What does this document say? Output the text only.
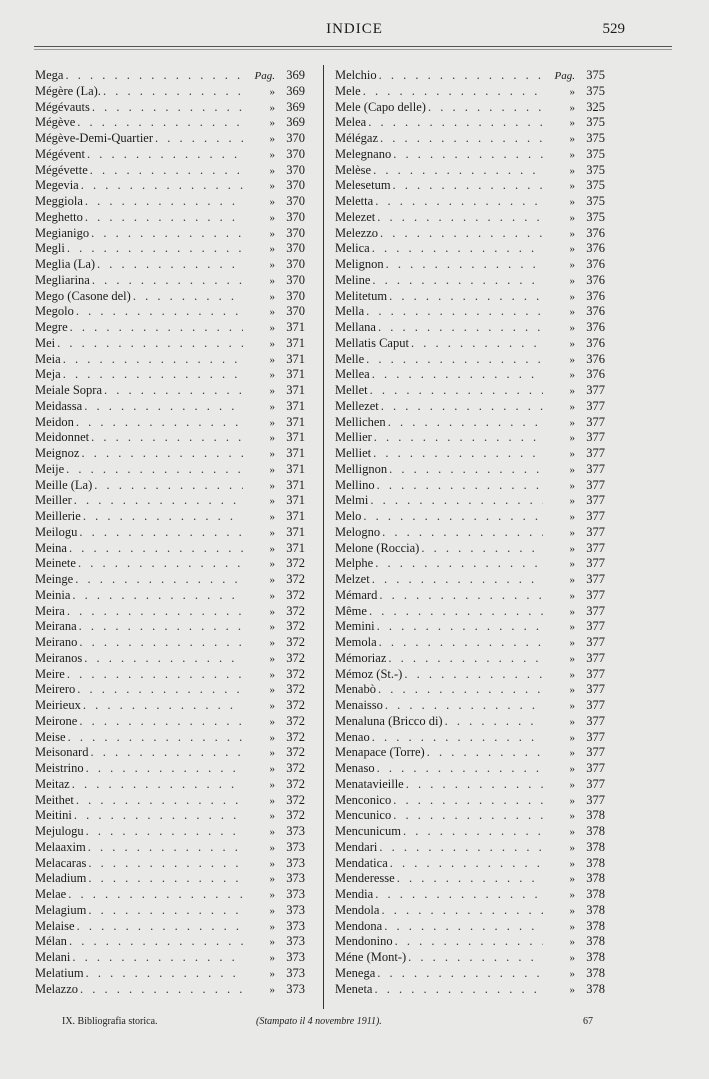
INDICE	529
Mega . . .	Pag. 369
Mégère (La). . . .	» 369
Mégévauts . . .	» 369
Mégève . . .	» 369
Mégève-Demi-Quartier . . .	» 370
Mégévent . . .	» 370
Mégévette . . .	» 370
Megevia . . .	» 370
Meggiola . . .	» 370
Meghetto . . .	» 370
Megianigo . . .	» 370
Megli . . .	» 370
Meglia (La) . . .	» 370
Megliarina . . .	» 370
Mego (Casone del) . . .	» 370
Megolo . . .	» 370
Megre . . .	» 371
Mei . . .	» 371
Meia . . .	» 371
Meja . . .	» 371
Meiale Sopra . . .	» 371
Meidassa . . .	» 371
Meidon . . .	» 371
Meidonnet . . .	» 371
Meignoz . . .	» 371
Meije . . .	» 371
Meille (La) . . .	» 371
Meiller . . .	» 371
Meillerie . . .	» 371
Meilogu . . .	» 371
Meina . . .	» 371
Meinete . . .	» 372
Meinge . . .	» 372
Meinia . . .	» 372
Meira . . .	» 372
Meirana . . .	» 372
Meirano . . .	» 372
Meiranos . . .	» 372
Meire . . .	» 372
Meirero . . .	» 372
Meirieux . . .	» 372
Meirone . . .	» 372
Meise . . .	» 372
Meisonard . . .	» 372
Meistrino . . .	» 372
Meitaz . . .	» 372
Meithet . . .	» 372
Meitini . . .	» 372
Mejulogu . . .	» 373
Melaaxim . . .	» 373
Melacaras . . .	» 373
Meladium . . .	» 373
Melae . . .	» 373
Melagium . . .	» 373
Melaise . . .	» 373
Mélan . . .	» 373
Melani . . .	» 373
Melatium . . .	» 373
Melazzo . . .	» 373
Melchio . . .	Pag. 375
Mele . . .	» 375
Mele (Capo delle) . . .	» 325
Melea . . .	» 375
Mélégaz . . .	» 375
Melegnano . . .	» 375
Melèse . . .	» 375
Melesetum . . .	» 375
Meletta . . .	» 375
Melezet . . .	» 375
Melezzo . . .	» 376
Melica . . .	» 376
Melignon . . .	» 376
Meline . . .	» 376
Melitetum . . .	» 376
Mella . . .	» 376
Mellana . . .	» 376
Mellatis Caput . . .	» 376
Melle . . .	» 376
Mellea . . .	» 376
Mellet . . .	» 377
Mellezet . . .	» 377
Mellichen . . .	» 377
Mellier . . .	» 377
Melliet . . .	» 377
Mellignon . . .	» 377
Mellino . . .	» 377
Melmi . . .	» 377
Melo . . .	» 377
Melogno . . .	» 377
Melone (Roccia) . . .	» 377
Melphe . . .	» 377
Melzet . . .	» 377
Mémard . . .	» 377
Même . . .	» 377
Memini . . .	» 377
Memola . . .	» 377
Mémoriaz . . .	» 377
Mémoz (St.-) . . .	» 377
Menabò . . .	» 377
Menaisso . . .	» 377
Menaluna (Bricco di) . . .	» 377
Menao . . .	» 377
Menapace (Torre) . . .	» 377
Menaso . . .	» 377
Menatavieille . . .	» 377
Menconico . . .	» 377
Mencunico . . .	» 378
Mencunicum . . .	» 378
Mendari . . .	» 378
Mendatica . . .	» 378
Menderesse . . .	» 378
Mendia . . .	» 378
Mendola . . .	» 378
Mendona . . .	» 378
Mendonino . . .	» 378
Méne (Mont-) . . .	» 378
Menega . . .	» 378
Meneta . . .	» 378
IX. Bibliografia storica.	(Stampato il 4 novembre 1911).	67
